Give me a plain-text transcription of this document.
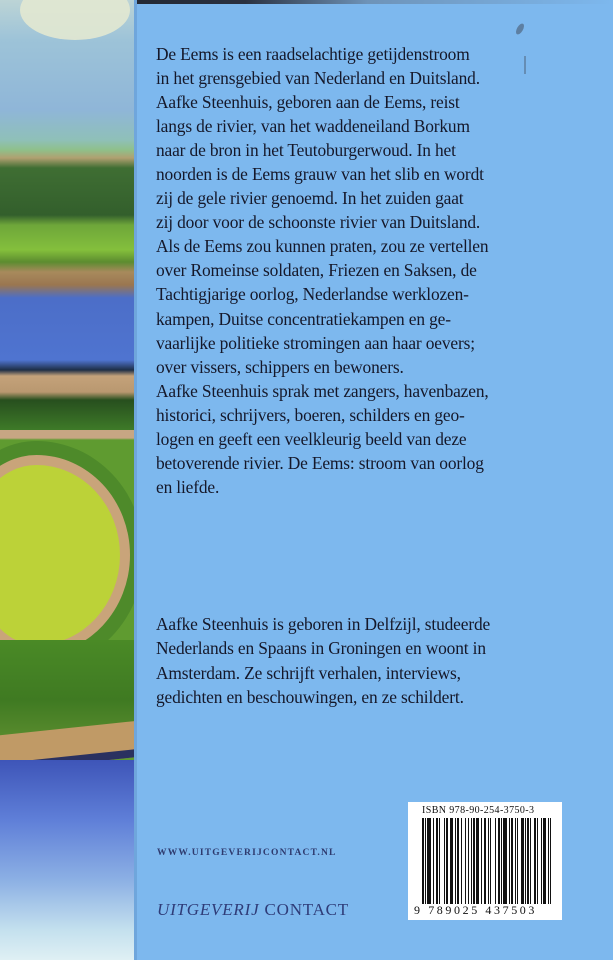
De Eems is een raadselachtige getijdenstroom
in het grensgebied van Nederland en Duitsland.
Aafke Steenhuis, geboren aan de Eems, reist
langs de rivier, van het waddeneiland Borkum
naar de bron in het Teutoburgerwoud. In het
noorden is de Eems grauw van het slib en wordt
zij de gele rivier genoemd. In het zuiden gaat
zij door voor de schoonste rivier van Duitsland.
Als de Eems zou kunnen praten, zou ze vertellen
over Romeinse soldaten, Friezen en Saksen, de
Tachtigjarige oorlog, Nederlandse werklozen-
kampen, Duitse concentratiekampen en ge-
vaarlijke politieke stromingen aan haar oevers;
over vissers, schippers en bewoners.
Aafke Steenhuis sprak met zangers, havenbazen,
historici, schrijvers, boeren, schilders en geo-
logen en geeft een veelkleurig beeld van deze
betoverende rivier. De Eems: stroom van oorlog
en liefde.
Aafke Steenhuis is geboren in Delfzijl, studeerde
Nederlands en Spaans in Groningen en woont in
Amsterdam. Ze schrijft verhalen, interviews,
gedichten en beschouwingen, en ze schildert.
WWW.UITGEVERIJCONTACT.NL
UITGEVERIJ CONTACT
ISBN 978-90-254-3750-3
9 789025 437503
